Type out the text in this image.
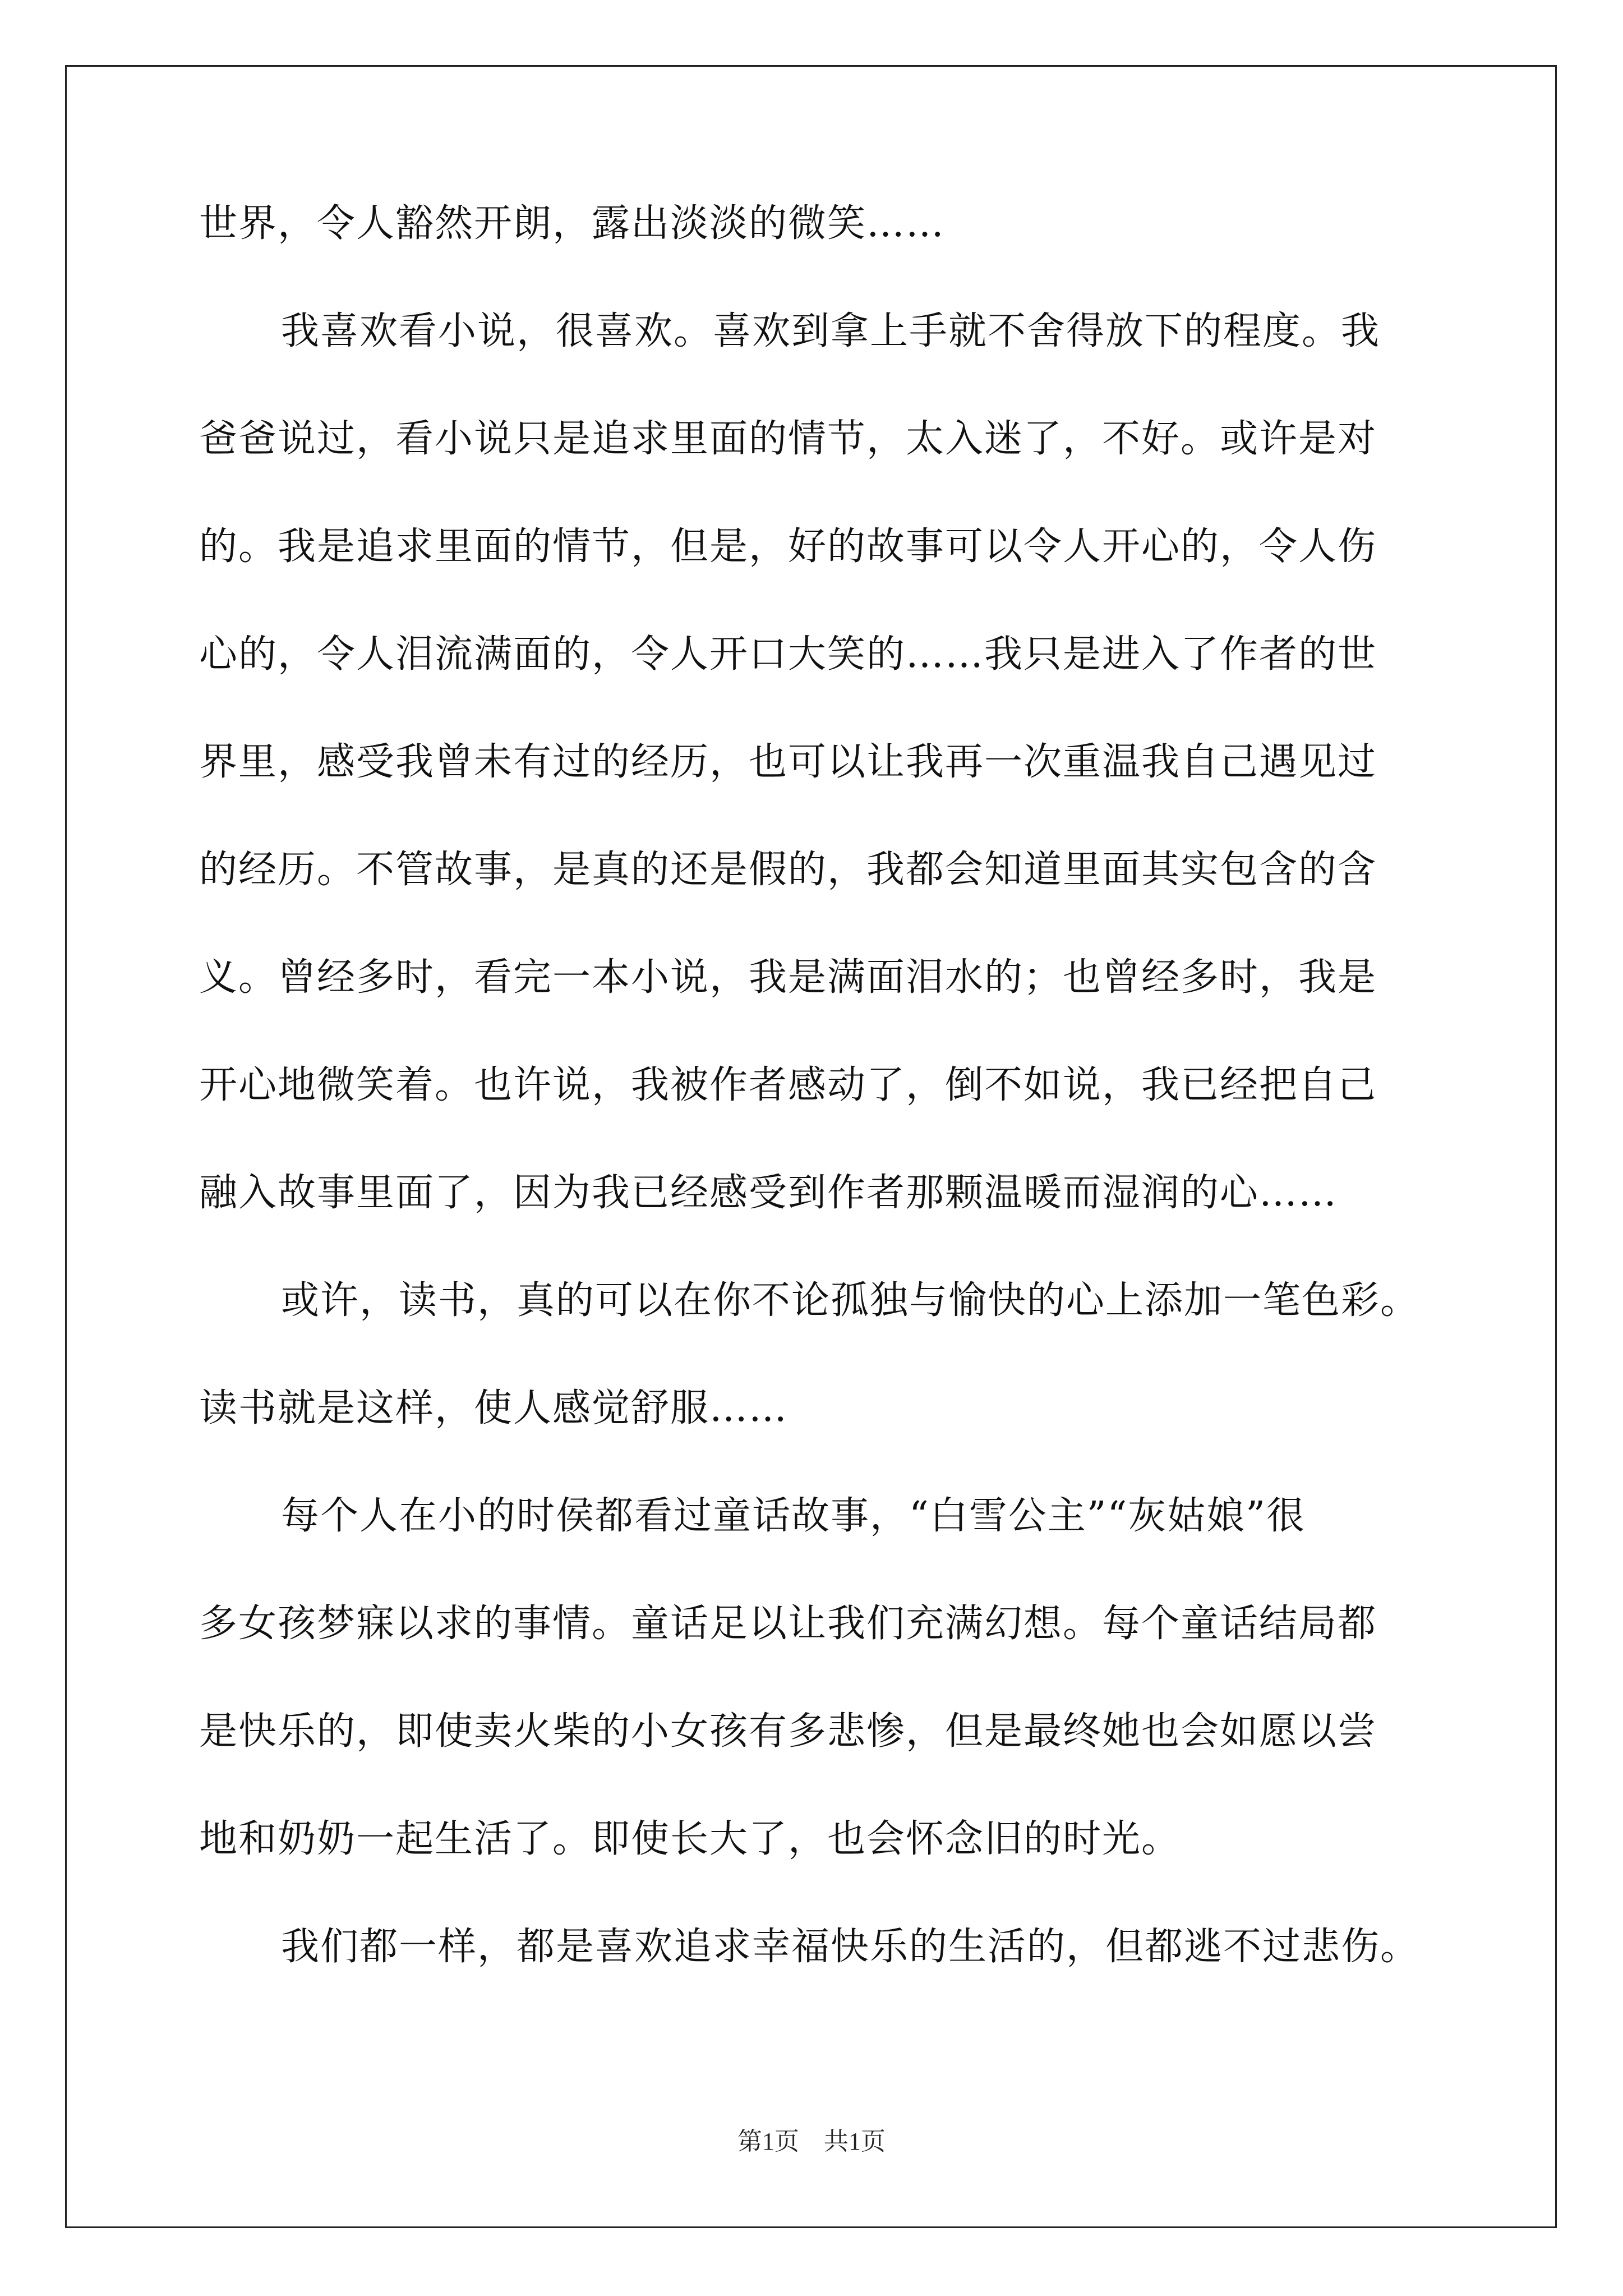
世界，令人豁然开朗，露出淡淡的微笑……
我喜欢看小说，很喜欢。喜欢到拿上手就不舍得放下的程度。我
爸爸说过，看小说只是追求里面的情节，太入迷了，不好。或许是对
的。我是追求里面的情节，但是，好的故事可以令人开心的，令人伤
心的，令人泪流满面的，令人开口大笑的……我只是进入了作者的世
界里，感受我曾未有过的经历，也可以让我再一次重温我自己遇见过
的经历。不管故事，是真的还是假的，我都会知道里面其实包含的含
义。曾经多时，看完一本小说，我是满面泪水的；也曾经多时，我是
开心地微笑着。也许说，我被作者感动了，倒不如说，我已经把自己
融入故事里面了，因为我已经感受到作者那颗温暖而湿润的心……
或许，读书，真的可以在你不论孤独与愉快的心上添加一笔色彩。
读书就是这样，使人感觉舒服……
每个人在小的时侯都看过童话故事，“白雪公主”“灰姑娘”很
多女孩梦寐以求的事情。童话足以让我们充满幻想。每个童话结局都
是快乐的，即使卖火柴的小女孩有多悲惨，但是最终她也会如愿以尝
地和奶奶一起生活了。即使长大了，也会怀念旧的时光。
我们都一样，都是喜欢追求幸福快乐的生活的，但都逃不过悲伤。
第1页 共1页
